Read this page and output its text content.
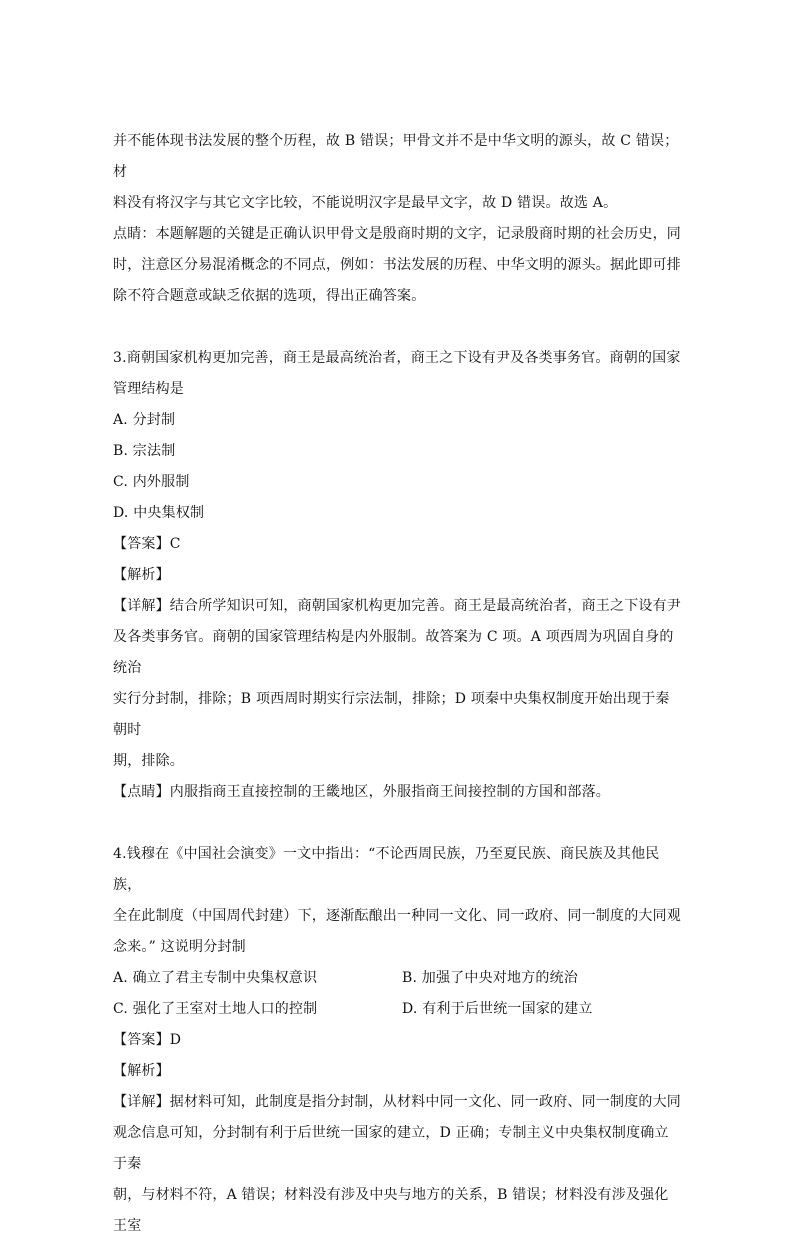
并不能体现书法发展的整个历程，故 B 错误；甲骨文并不是中华文明的源头，故 C 错误；材

料没有将汉字与其它文字比较，不能说明汉字是最早文字，故 D 错误。故选 A。

点睛：本题解题的关键是正确认识甲骨文是殷商时期的文字，记录殷商时期的社会历史，同

时，注意区分易混淆概念的不同点，例如：书法发展的历程、中华文明的源头。据此即可排

除不符合题意或缺乏依据的选项，得出正确答案。

3.商朝国家机构更加完善，商王是最高统治者，商王之下设有尹及各类事务官。商朝的国家

管理结构是

A. 分封制

B. 宗法制

C. 内外服制

D. 中央集权制

【答案】C

【解析】

【详解】结合所学知识可知，商朝国家机构更加完善。商王是最高统治者，商王之下设有尹

及各类事务官。商朝的国家管理结构是内外服制。故答案为 C 项。A 项西周为巩固自身的统治

实行分封制，排除；B 项西周时期实行宗法制，排除；D 项秦中央集权制度开始出现于秦朝时

期，排除。

【点睛】内服指商王直接控制的王畿地区，外服指商王间接控制的方国和部落。

4.钱穆在《中国社会演变》一文中指出：“不论西周民族，乃至夏民族、商民族及其他民族，

全在此制度（中国周代封建）下，逐渐酝酿出一种同一文化、同一政府、同一制度的大同观

念来。” 这说明分封制

A. 确立了君主专制中央集权意识	B. 加强了中央对地方的统治

C. 强化了王室对土地人口的控制	D. 有利于后世统一国家的建立

【答案】D

【解析】

【详解】据材料可知，此制度是指分封制，从材料中同一文化、同一政府、同一制度的大同

观念信息可知，分封制有利于后世统一国家的建立，D 正确；专制主义中央集权制度确立于秦

朝，与材料不符，A 错误；材料没有涉及中央与地方的关系，B 错误；材料没有涉及强化王室
